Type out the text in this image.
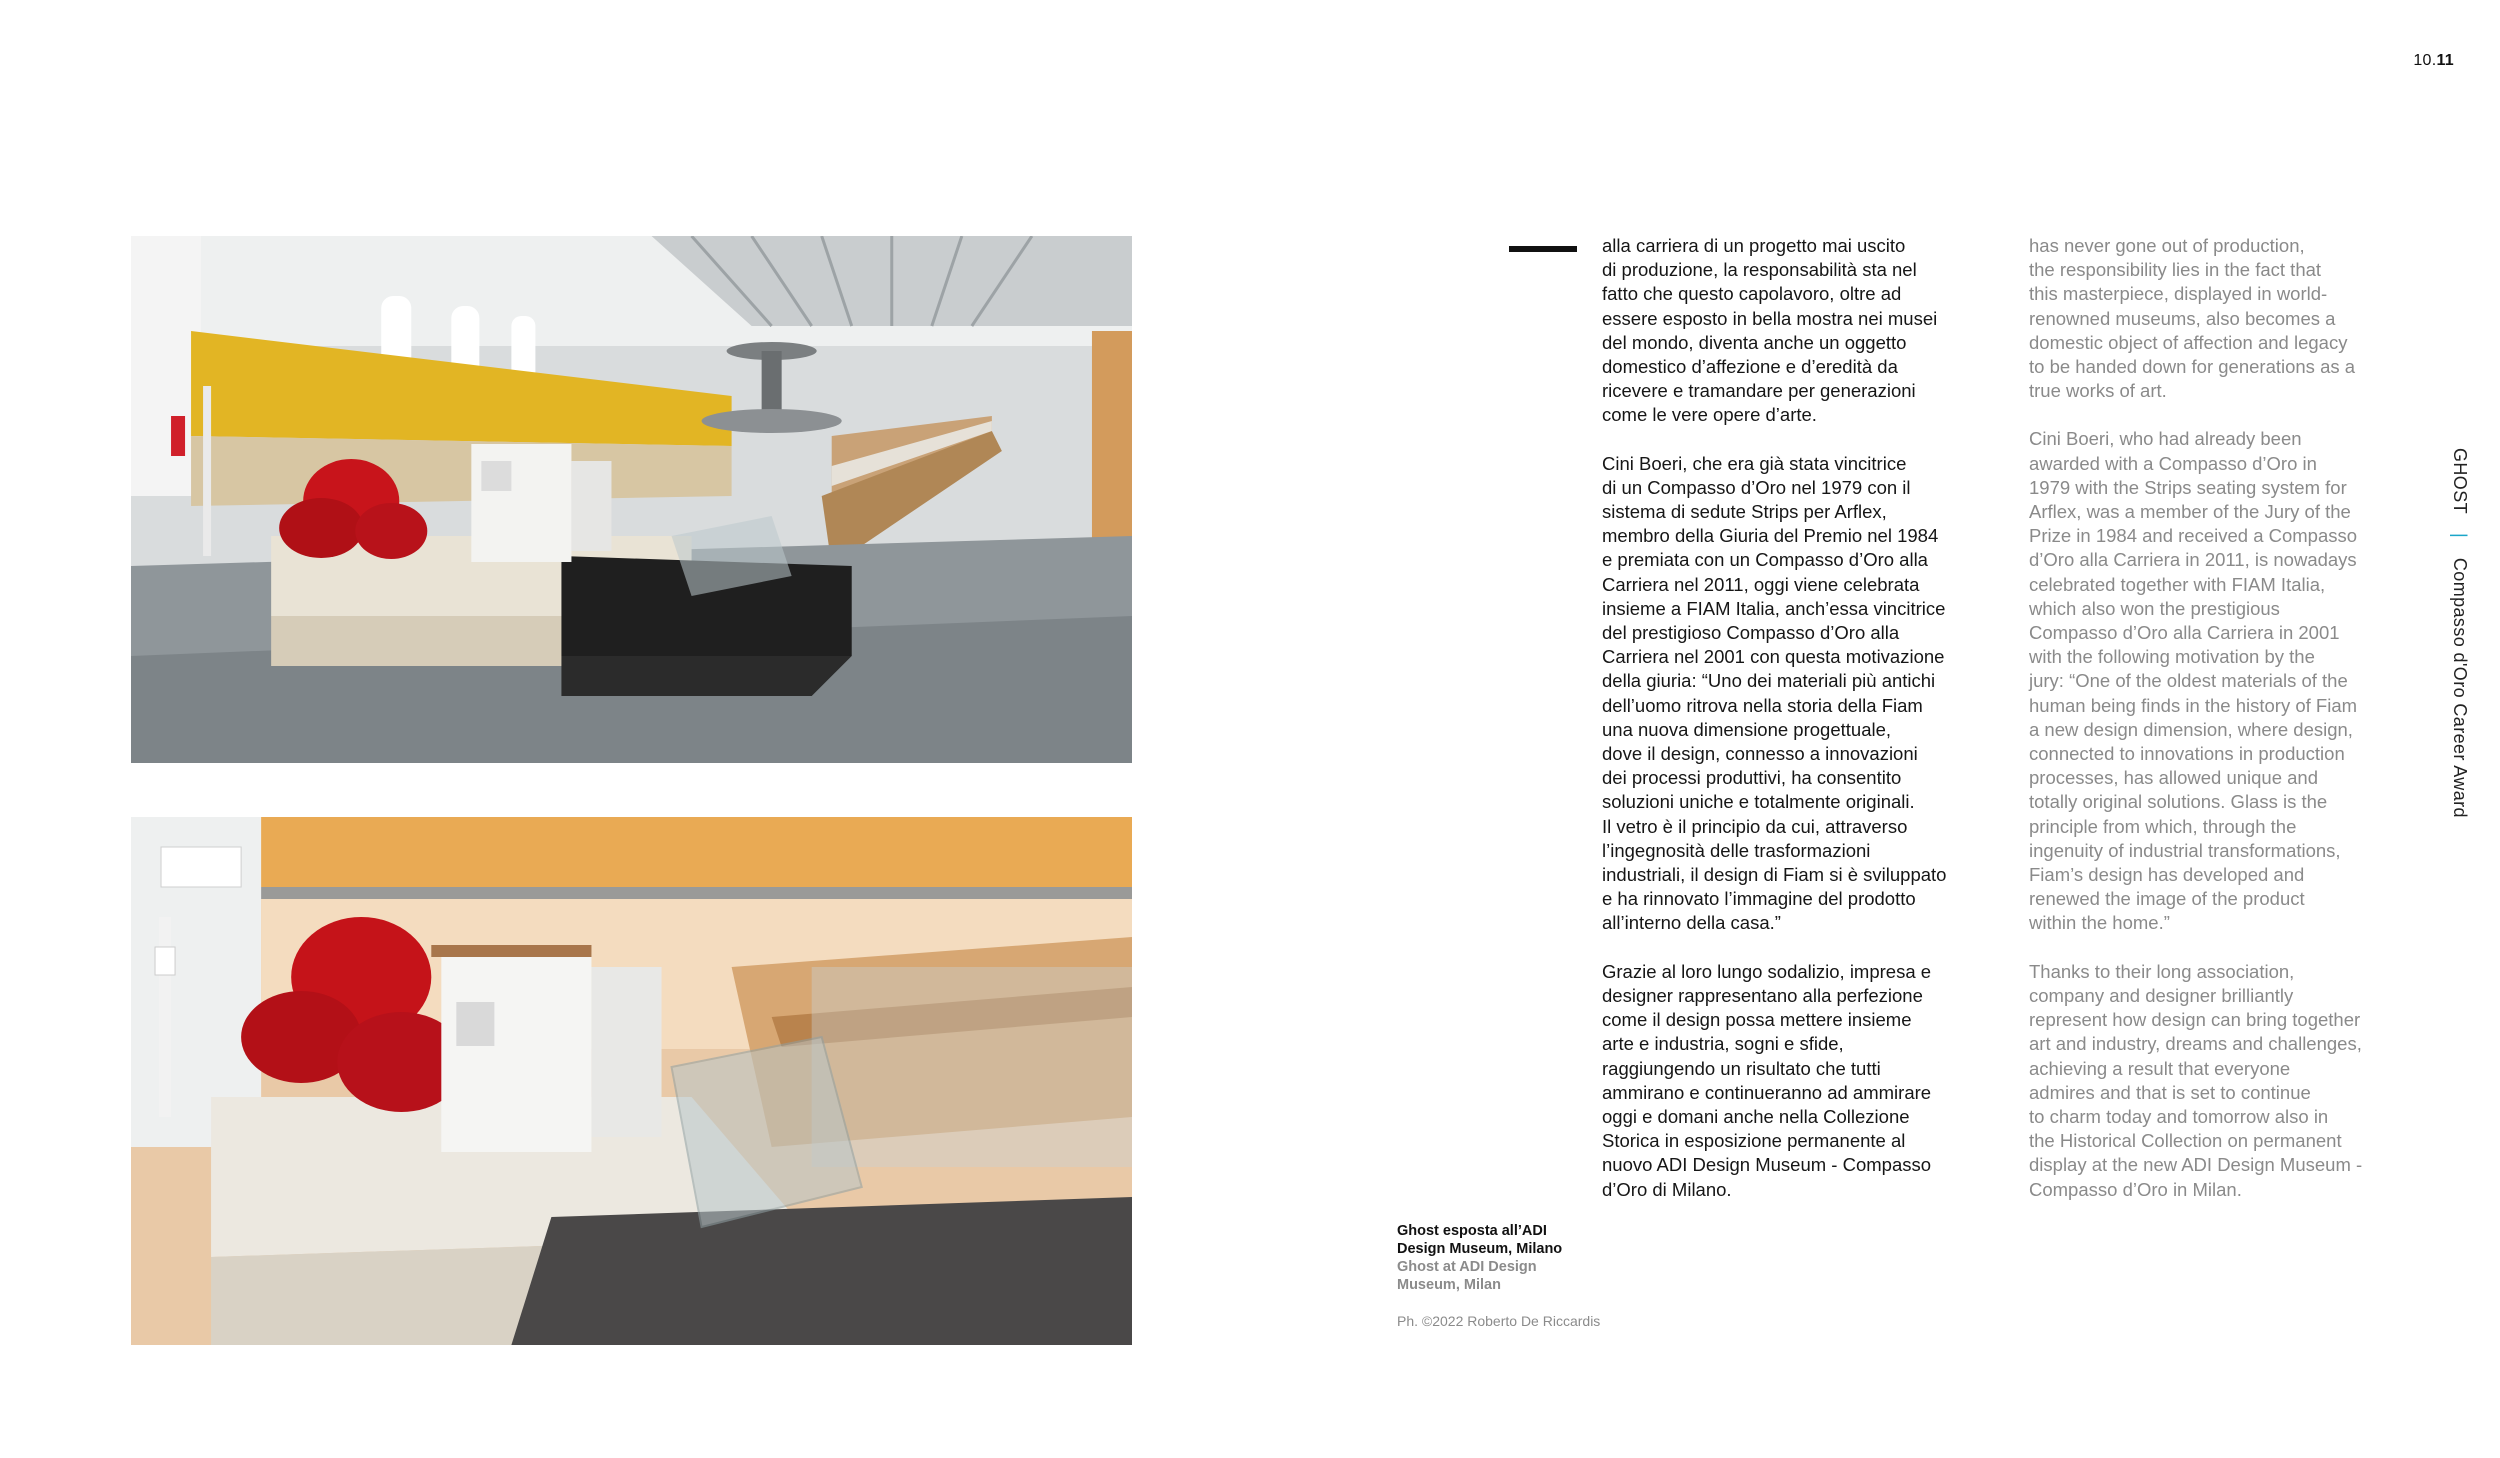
10.11

alla carriera di un progetto mai uscito
di produzione, la responsabilità sta nel
fatto che questo capolavoro, oltre ad
essere esposto in bella mostra nei musei
del mondo, diventa anche un oggetto
domestico d’affezione e d’eredità da
ricevere e tramandare per generazioni
come le vere opere d’arte.

Cini Boeri, che era già stata vincitrice
di un Compasso d’Oro nel 1979 con il
sistema di sedute Strips per Arflex,
membro della Giuria del Premio nel 1984
e premiata con un Compasso d’Oro alla
Carriera nel 2011, oggi viene celebrata
insieme a FIAM Italia, anch’essa vincitrice
del prestigioso Compasso d’Oro alla
Carriera nel 2001 con questa motivazione
della giuria: “Uno dei materiali più antichi
dell’uomo ritrova nella storia della Fiam
una nuova dimensione progettuale,
dove il design, connesso a innovazioni
dei processi produttivi, ha consentito
soluzioni uniche e totalmente originali.
Il vetro è il principio da cui, attraverso
l’ingegnosità delle trasformazioni
industriali, il design di Fiam si è sviluppato
e ha rinnovato l’immagine del prodotto
all’interno della casa.”

Grazie al loro lungo sodalizio, impresa e
designer rappresentano alla perfezione
come il design possa mettere insieme
arte e industria, sogni e sfide,
raggiungendo un risultato che tutti
ammirano e continueranno ad ammirare
oggi e domani anche nella Collezione
Storica in esposizione permanente al
nuovo ADI Design Museum - Compasso
d’Oro di Milano.

has never gone out of production,
the responsibility lies in the fact that
this masterpiece, displayed in world-
renowned museums, also becomes a
domestic object of affection and legacy
to be handed down for generations as a
true works of art.

Cini Boeri, who had already been
awarded with a Compasso d’Oro in
1979 with the Strips seating system for
Arflex, was a member of the Jury of the
Prize in 1984 and received a Compasso
d’Oro alla Carriera in 2011, is nowadays
celebrated together with FIAM Italia,
which also won the prestigious
Compasso d’Oro alla Carriera in 2001
with the following motivation by the
jury: “One of the oldest materials of the
human being finds in the history of Fiam
a new design dimension, where design,
connected to innovations in production
processes, has allowed unique and
totally original solutions. Glass is the
principle from which, through the
ingenuity of industrial transformations,
Fiam’s design has developed and
renewed the image of the product
within the home.”

Thanks to their long association,
company and designer brilliantly
represent how design can bring together
art and industry, dreams and challenges,
achieving a result that everyone
admires and that is set to continue
to charm today and tomorrow also in
the Historical Collection on permanent
display at the new ADI Design Museum -
Compasso d’Oro in Milan.

Ghost esposta all’ADI
Design Museum, Milano
Ghost at ADI Design
Museum, Milan
Ph. ©2022 Roberto De Riccardis
GHOST | Compasso d'Oro Career Award
